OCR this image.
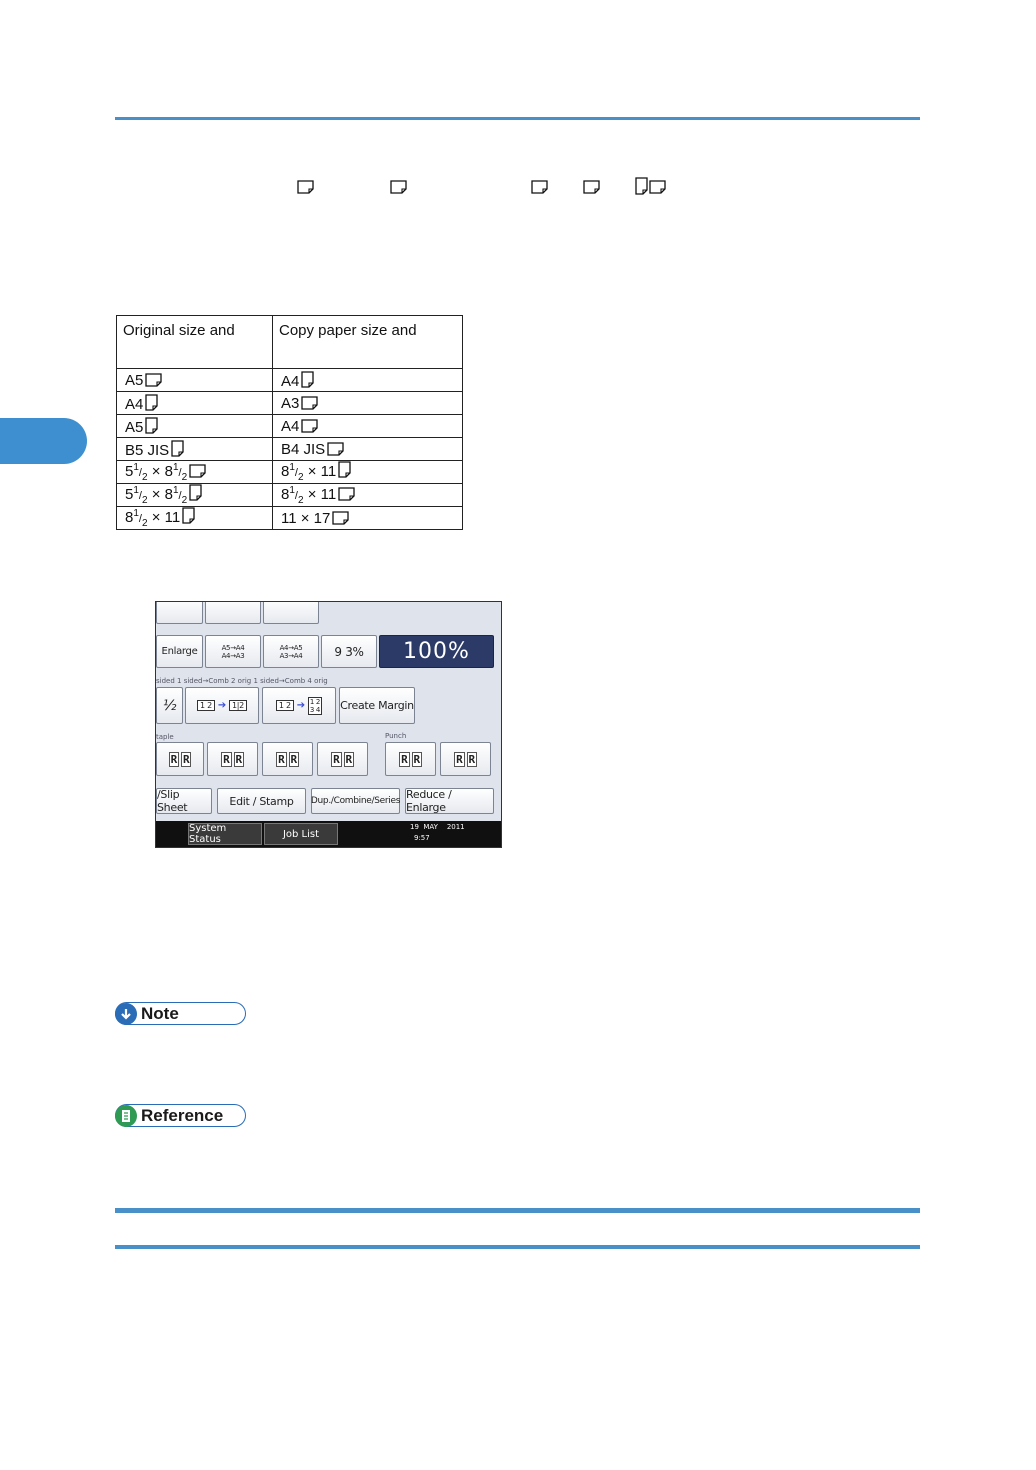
Original size and	Copy paper size and
A5	A4
A4	A3
A5	A4
B5 JIS	B4 JIS
$5^1/_2 \times 8^1/_2$	$8^1/_2 \times 11$
$5^1/_2 \times 8^1/_2$	$8^1/_2 \times 11$
$8^1/_2 \times 11$	11 × 17
Enlarge	A5→A4
A4→A3
A4→A5
A3→A4	9 3%	100%
sided 1 sided→Comb 2 orig 1 sided→Comb 4 orig
½	1 2 ➔ 1|2	1 2 ➔ 1 2
3 4 Create Margin
taple	Punch
R R	R R	R R	R R	R R	R R
/Slip Sheet	Edit / Stamp	Dup./Combine/Series Reduce / Enlarge
System Status	Job List
19  MAY    2011
9:57
Note
Reference
